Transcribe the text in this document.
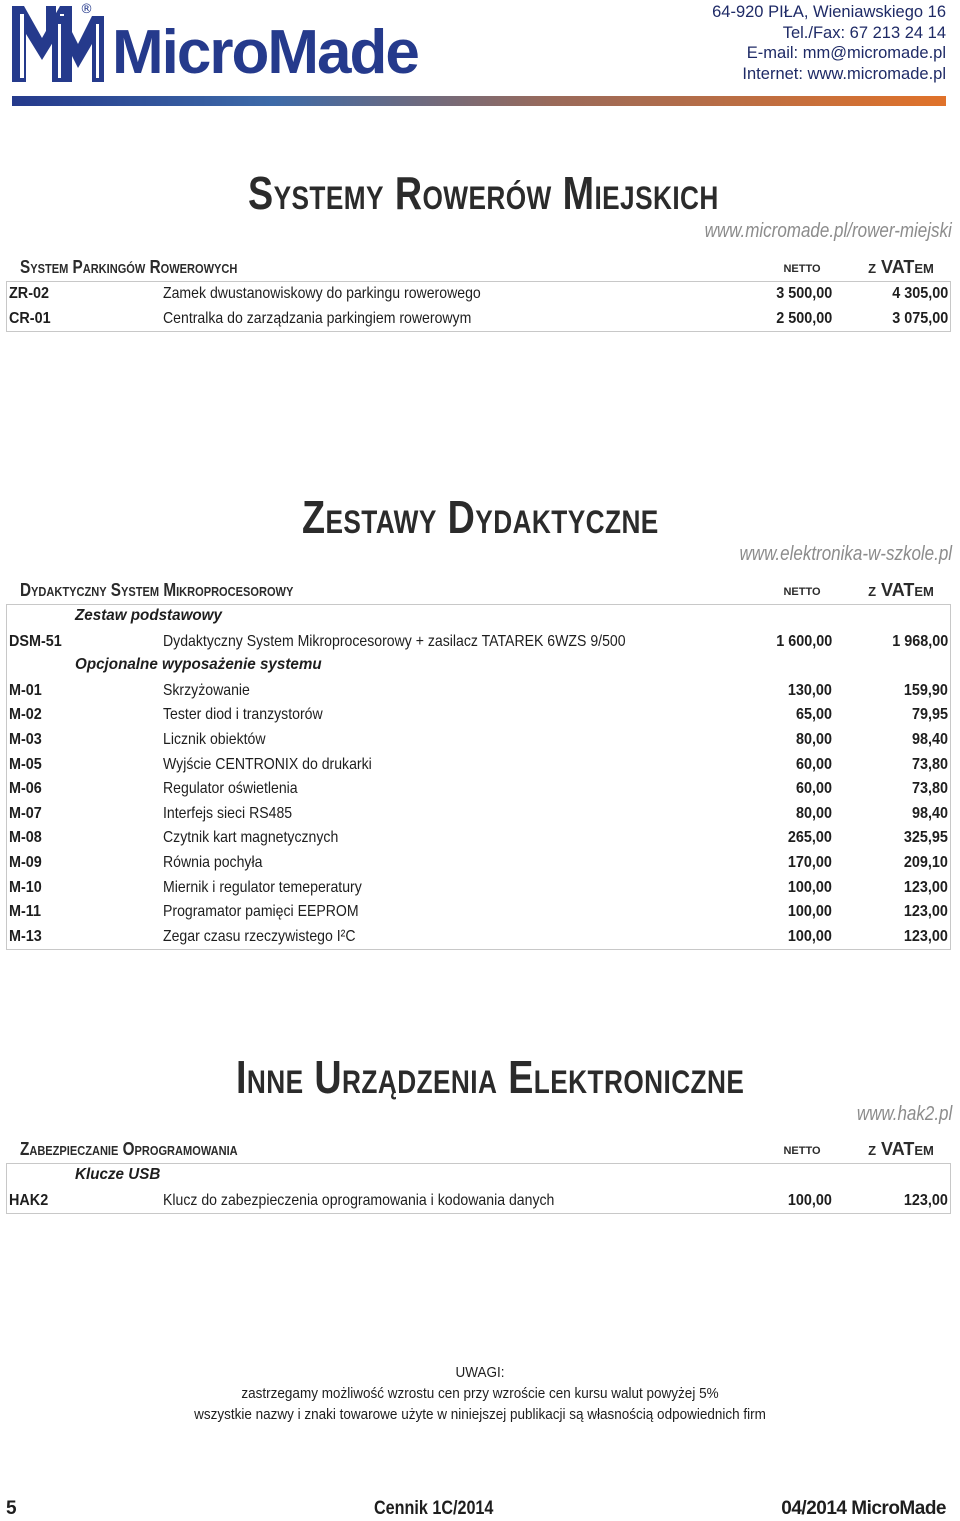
®
MicroMade
64-920 PIŁA, Wieniawskiego 16
Tel./Fax: 67 213 24 14
E-mail: mm@micromade.pl
Internet: www.micromade.pl
Systemy Rowerów Miejskich
www.micromade.pl/rower-miejski
System Parkingów Rowerowych	netto	z VATem
ZR-02	Zamek dwustanowiskowy do parkingu rowerowego	3 500,00	4 305,00
CR-01	Centralka do zarządzania parkingiem rowerowym	2 500,00	3 075,00
Zestawy Dydaktyczne
www.elektronika-w-szkole.pl
Dydaktyczny System Mikroprocesorowy	netto	z VATem
Zestaw podstawowy
DSM-51	Dydaktyczny System Mikroprocesorowy + zasilacz TATAREK 6WZS 9/500	1 600,00	1 968,00
Opcjonalne wyposażenie systemu
M-01	Skrzyżowanie	130,00	159,90
M-02	Tester diod i tranzystorów	65,00	79,95
M-03	Licznik obiektów	80,00	98,40
M-05	Wyjście CENTRONIX do drukarki	60,00	73,80
M-06	Regulator oświetlenia	60,00	73,80
M-07	Interfejs sieci RS485	80,00	98,40
M-08	Czytnik kart magnetycznych	265,00	325,95
M-09	Równia pochyła	170,00	209,10
M-10	Miernik i regulator temeperatury	100,00	123,00
M-11	Programator pamięci EEPROM	100,00	123,00
M-13	Zegar czasu rzeczywistego I²C	100,00	123,00
Inne Urządzenia Elektroniczne
www.hak2.pl
Zabezpieczanie Oprogramowania	netto	z VATem
Klucze USB
HAK2	Klucz do zabezpieczenia oprogramowania i kodowania danych	100,00	123,00
UWAGI:
zastrzegamy możliwość wzrostu cen przy wzroście cen kursu walut powyżej 5%
wszystkie nazwy i znaki towarowe użyte w niniejszej publikacji są własnością odpowiednich firm
5	Cennik 1C/2014	04/2014 MicroMade
